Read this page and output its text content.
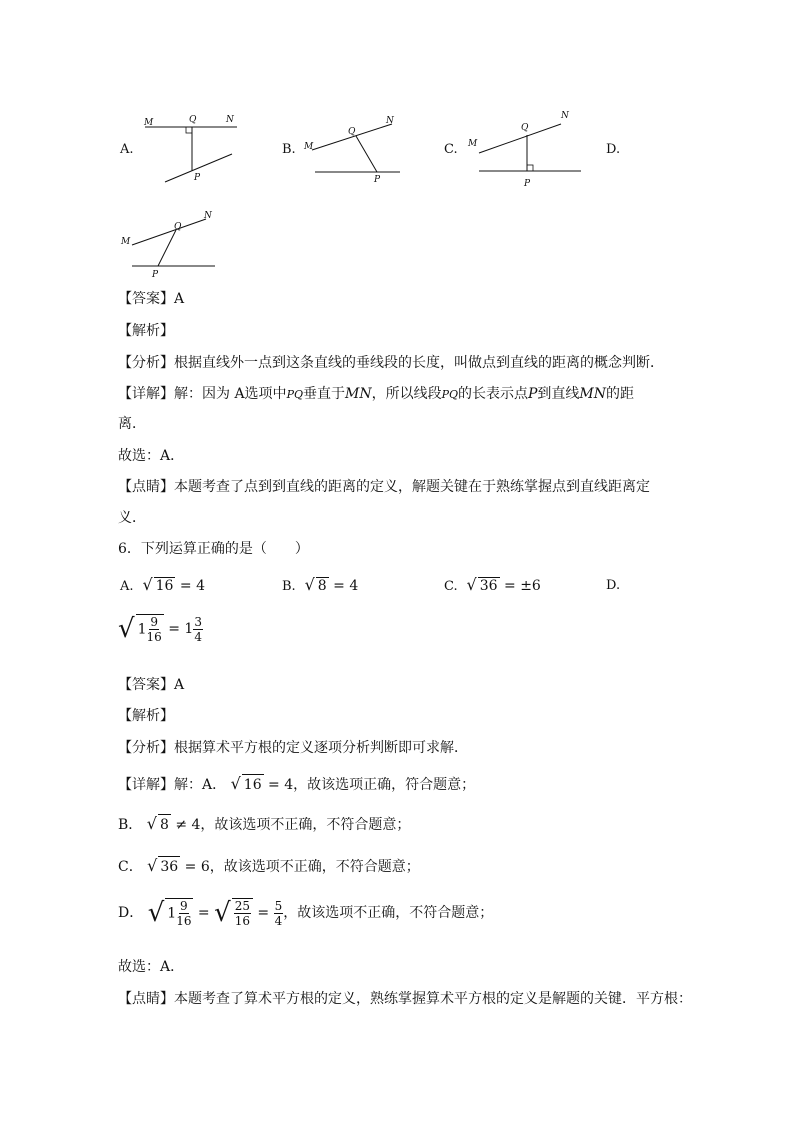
A.
M	Q	N
P
B. M
Q
N
P
C. M
Q
N
P
D.
M
Q
N
P
【答案】A
【解析】
【分析】根据直线外一点到这条直线的垂线段的长度，叫做点到直线的距离的概念判断．
【详解】解：因为 A选项中PQ垂直于MN，所以线段PQ的长表示点P到直线MN的距
离．
故选：A．
【点睛】本题考查了点到到直线的距离的定义，解题关键在于熟练掌握点到直线距离定
义．
6．下列运算正确的是（　　）
A. √ 16 = 4	B. √ 8 = 4	C. √ 36 = ±6	D.
√ $1 \frac{9}{16} = 1 \frac{3}{4}$
【答案】A
【解析】
【分析】根据算术平方根的定义逐项分析判断即可求解．
【详解】解：A． √ 16 = 4，故该选项正确，符合题意；
B． √ 8 ≠ 4，故该选项不正确，不符合题意；
C． √ 36 = 6，故该选项不正确，不符合题意；
D． √ $1 \frac{9}{16}$ = √ $\frac{25}{16} = \frac{5}{4}$ ，故该选项不正确，不符合题意；
故选：A．
【点睛】本题考查了算术平方根的定义，熟练掌握算术平方根的定义是解题的关键．平方根：
